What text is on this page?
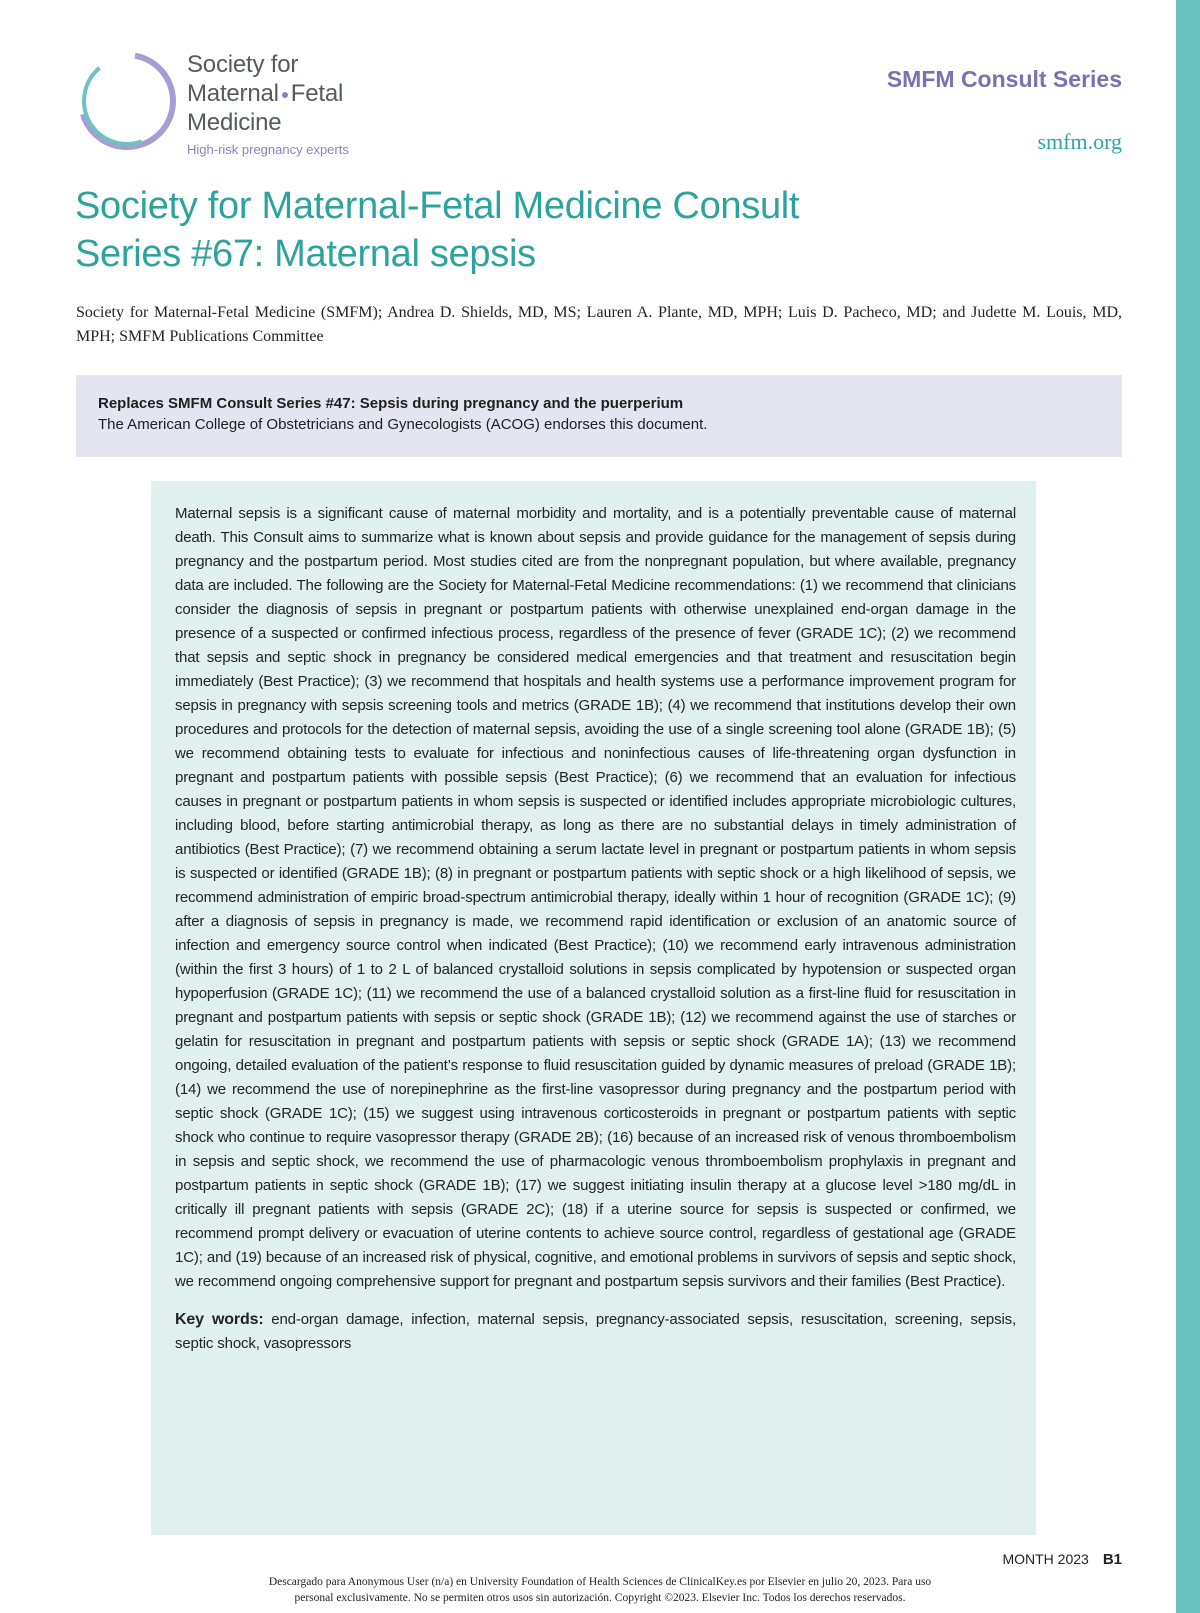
Society for
Maternal Fetal
Medicine
High-risk pregnancy experts
SMFM Consult Series
smfm.org
Society for Maternal-Fetal Medicine Consult
Series #67: Maternal sepsis

Society for Maternal-Fetal Medicine (SMFM); Andrea D. Shields, MD, MS; Lauren A. Plante, MD, MPH; Luis D. Pacheco, MD; and Judette M. Louis, MD, MPH; SMFM Publications Committee

Replaces SMFM Consult Series #47: Sepsis during pregnancy and the puerperium
The American College of Obstetricians and Gynecologists (ACOG) endorses this document.

Maternal sepsis is a significant cause of maternal morbidity and mortality, and is a potentially preventable cause of maternal death. This Consult aims to summarize what is known about sepsis and provide guidance for the management of sepsis during pregnancy and the postpartum period. Most studies cited are from the nonpregnant population, but where available, pregnancy data are included. The following are the Society for Maternal-Fetal Medicine recommendations: (1) we recommend that clinicians consider the diagnosis of sepsis in pregnant or postpartum patients with otherwise unexplained end-organ damage in the presence of a suspected or confirmed infectious process, regardless of the presence of fever (GRADE 1C); (2) we recommend that sepsis and septic shock in pregnancy be considered medical emergencies and that treatment and resuscitation begin immediately (Best Practice); (3) we recommend that hospitals and health systems use a performance improvement program for sepsis in pregnancy with sepsis screening tools and metrics (GRADE 1B); (4) we recommend that institutions develop their own procedures and protocols for the detection of maternal sepsis, avoiding the use of a single screening tool alone (GRADE 1B); (5) we recommend obtaining tests to evaluate for infectious and noninfectious causes of life-threatening organ dysfunction in pregnant and postpartum patients with possible sepsis (Best Practice); (6) we recommend that an evaluation for infectious causes in pregnant or postpartum patients in whom sepsis is suspected or identified includes appropriate microbiologic cultures, including blood, before starting antimicrobial therapy, as long as there are no substantial delays in timely administration of antibiotics (Best Practice); (7) we recommend obtaining a serum lactate level in pregnant or postpartum patients in whom sepsis is suspected or identified (GRADE 1B); (8) in pregnant or postpartum patients with septic shock or a high likelihood of sepsis, we recommend administration of empiric broad-spectrum antimicrobial therapy, ideally within 1 hour of recognition (GRADE 1C); (9) after a diagnosis of sepsis in pregnancy is made, we recommend rapid identification or exclusion of an anatomic source of infection and emergency source control when indicated (Best Practice); (10) we recommend early intravenous administration (within the first 3 hours) of 1 to 2 L of balanced crystalloid solutions in sepsis complicated by hypotension or suspected organ hypoperfusion (GRADE 1C); (11) we recommend the use of a balanced crystalloid solution as a first-line fluid for resuscitation in pregnant and postpartum patients with sepsis or septic shock (GRADE 1B); (12) we recommend against the use of starches or gelatin for resuscitation in pregnant and postpartum patients with sepsis or septic shock (GRADE 1A); (13) we recommend ongoing, detailed evaluation of the patient’s response to fluid resuscitation guided by dynamic measures of preload (GRADE 1B); (14) we recommend the use of norepinephrine as the first-line vasopressor during pregnancy and the postpartum period with septic shock (GRADE 1C); (15) we suggest using intravenous corticosteroids in pregnant or postpartum patients with septic shock who continue to require vasopressor therapy (GRADE 2B); (16) because of an increased risk of venous thromboembolism in sepsis and septic shock, we recommend the use of pharmacologic venous thromboembolism prophylaxis in pregnant and postpartum patients in septic shock (GRADE 1B); (17) we suggest initiating insulin therapy at a glucose level >180 mg/dL in critically ill pregnant patients with sepsis (GRADE 2C); (18) if a uterine source for sepsis is suspected or confirmed, we recommend prompt delivery or evacuation of uterine contents to achieve source control, regardless of gestational age (GRADE 1C); and (19) because of an increased risk of physical, cognitive, and emotional problems in survivors of sepsis and septic shock, we recommend ongoing comprehensive support for pregnant and postpartum sepsis survivors and their families (Best Practice).

Key words: end-organ damage, infection, maternal sepsis, pregnancy-associated sepsis, resuscitation, screening, sepsis, septic shock, vasopressors

MONTH 2023 B1

Descargado para Anonymous User (n/a) en University Foundation of Health Sciences de ClinicalKey.es por Elsevier en julio 20, 2023. Para uso
personal exclusivamente. No se permiten otros usos sin autorización. Copyright ©2023. Elsevier Inc. Todos los derechos reservados.
